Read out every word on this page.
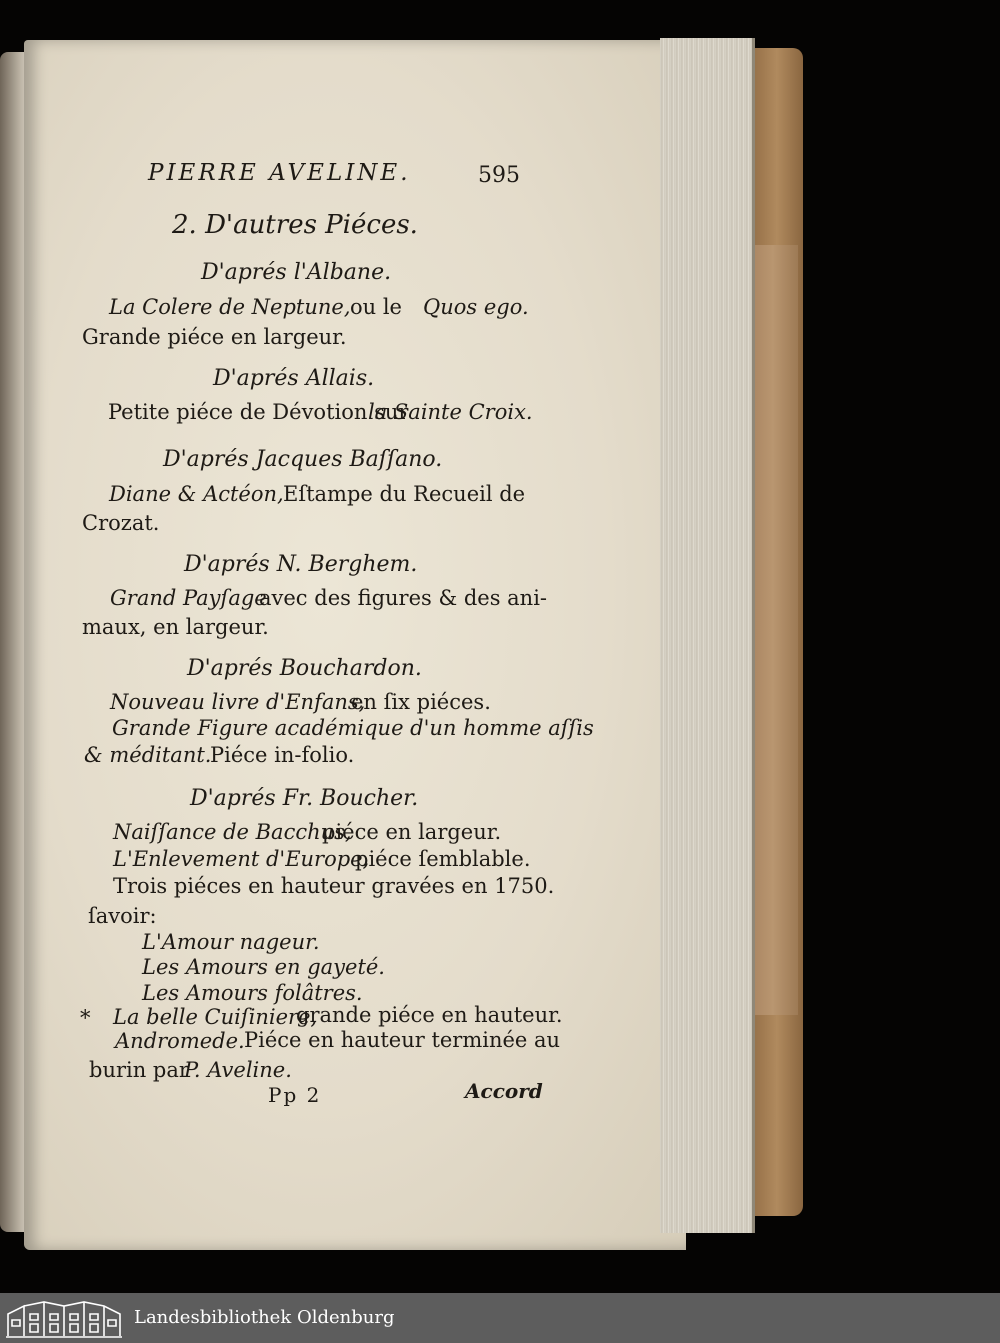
PIERRE AVELINE.	595
2. D'autres Piéces.
D'aprés l'Albane.
La Colere de Neptune, ou le Quos ego.
Grande piéce en largeur.
D'aprés Allais.
Petite piéce de Dévotion sur
la Sainte Croix.
D'aprés Jacques Baſſano.
Diane & Actéon, Eſtampe du Recueil de
Crozat.
D'aprés N. Berghem.
Grand Payſage
avec des figures & des ani-
maux, en largeur.
D'aprés Bouchardon.
Nouveau livre d'Enfans,
en ſix piéces.
Grande Figure académique d'un homme aſſis
& méditant.
Piéce in-folio.
D'aprés Fr. Boucher.
Naiſſance de Bacchus,
piéce en largeur.
L'Enlevement d'Europe,
piéce ſemblable.
Trois piéces en hauteur gravées en 1750.
ſavoir:
L'Amour nageur.
Les Amours en gayeté.
Les Amours folâtres.
* La belle Cuiſiniere,
grande piéce en hauteur.
Andromede. Piéce en hauteur terminée au
burin par
P. Aveline.
Pp 2	Accord
Landesbibliothek Oldenburg
